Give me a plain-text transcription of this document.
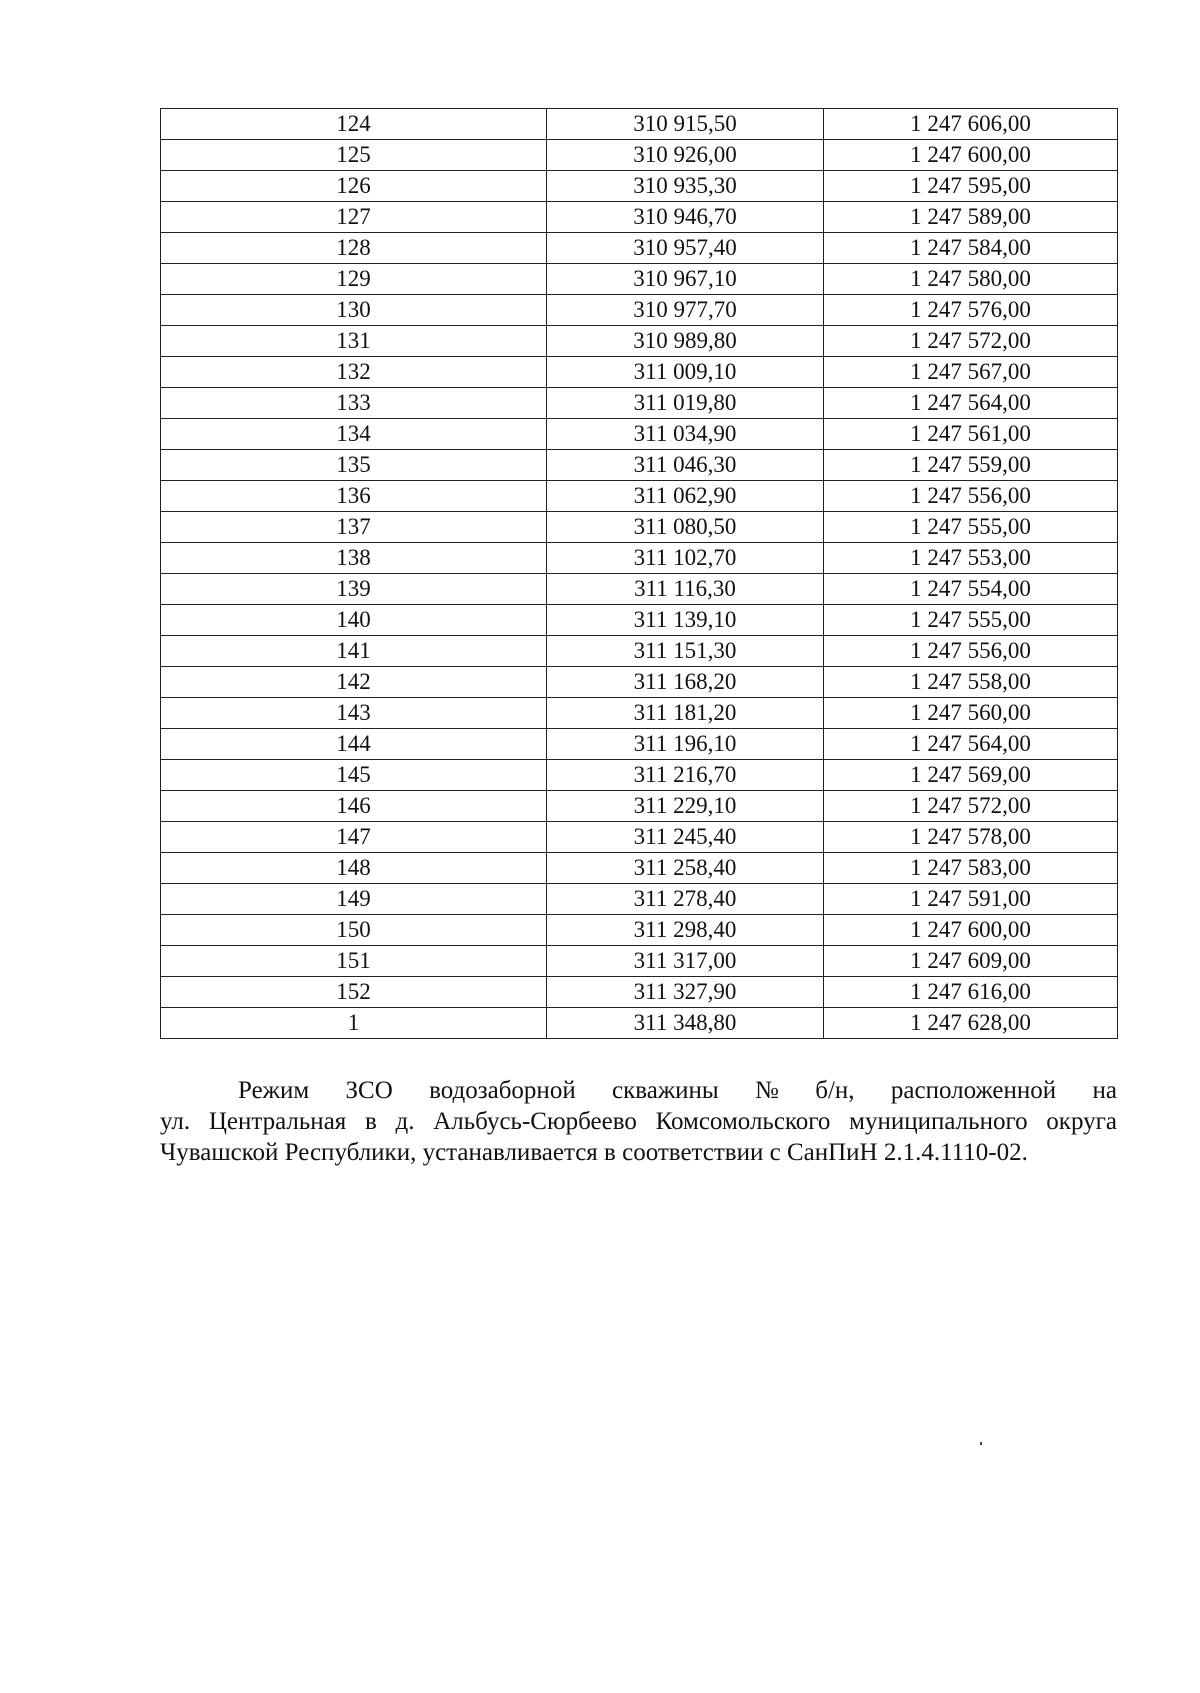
124	310 915,50	1 247 606,00
125	310 926,00	1 247 600,00
126	310 935,30	1 247 595,00
127	310 946,70	1 247 589,00
128	310 957,40	1 247 584,00
129	310 967,10	1 247 580,00
130	310 977,70	1 247 576,00
131	310 989,80	1 247 572,00
132	311 009,10	1 247 567,00
133	311 019,80	1 247 564,00
134	311 034,90	1 247 561,00
135	311 046,30	1 247 559,00
136	311 062,90	1 247 556,00
137	311 080,50	1 247 555,00
138	311 102,70	1 247 553,00
139	311 116,30	1 247 554,00
140	311 139,10	1 247 555,00
141	311 151,30	1 247 556,00
142	311 168,20	1 247 558,00
143	311 181,20	1 247 560,00
144	311 196,10	1 247 564,00
145	311 216,70	1 247 569,00
146	311 229,10	1 247 572,00
147	311 245,40	1 247 578,00
148	311 258,40	1 247 583,00
149	311 278,40	1 247 591,00
150	311 298,40	1 247 600,00
151	311 317,00	1 247 609,00
152	311 327,90	1 247 616,00
1	311 348,80	1 247 628,00
Режим ЗСО водозаборной скважины № б/н, расположенной на
ул. Центральная в д. Альбусь-Сюрбеево Комсомольского муниципального округа
Чувашской Республики, устанавливается в соответствии с СанПиН 2.1.4.1110-02.
